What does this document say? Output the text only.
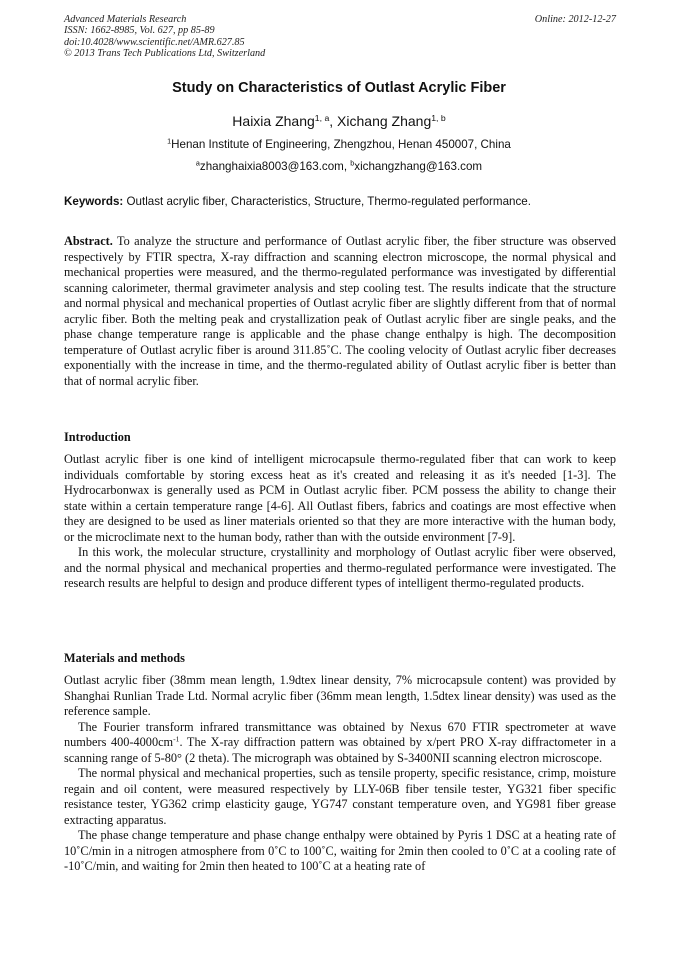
Advanced Materials Research
ISSN: 1662-8985, Vol. 627, pp 85-89
doi:10.4028/www.scientific.net/AMR.627.85
© 2013 Trans Tech Publications Ltd, Switzerland
Online: 2012-12-27
Study on Characteristics of Outlast Acrylic Fiber
Haixia Zhang$^{1, a}$, Xichang Zhang$^{1, b}$
$^1$Henan Institute of Engineering, Zhengzhou, Henan 450007, China
$^a$zhanghaixia8003@163.com, $^b$xichangzhang@163.com
Keywords: Outlast acrylic fiber, Characteristics, Structure, Thermo-regulated performance.
Abstract. To analyze the structure and performance of Outlast acrylic fiber, the fiber structure was observed respectively by FTIR spectra, X-ray diffraction and scanning electron microscope, the normal physical and mechanical properties were measured, and the thermo-regulated performance was investigated by differential scanning calorimeter, thermal gravimeter analysis and step cooling test. The results indicate that the structure and normal physical and mechanical properties of Outlast acrylic fiber are slightly different from that of normal acrylic fiber. Both the melting peak and crystallization peak of Outlast acrylic fiber are single peaks, and the phase change temperature range is applicable and the phase change enthalpy is high. The decomposition temperature of Outlast acrylic fiber is around 311.85˚C. The cooling velocity of Outlast acrylic fiber decreases exponentially with the increase in time, and the thermo-regulated ability of Outlast acrylic fiber is better than that of normal acrylic fiber.
Introduction

Outlast acrylic fiber is one kind of intelligent microcapsule thermo-regulated fiber that can work to keep individuals comfortable by storing excess heat as it's created and releasing it as it's needed [1-3]. The Hydrocarbonwax is generally used as PCM in Outlast acrylic fiber. PCM possess the ability to change their state within a certain temperature range [4-6]. All Outlast fibers, fabrics and coatings are most effective when they are designed to be used as liner materials oriented so that they are more interactive with the human body, or the microclimate next to the human body, rather than with the outside environment [7-9].

In this work, the molecular structure, crystallinity and morphology of Outlast acrylic fiber were observed, and the normal physical and mechanical properties and thermo-regulated performance were investigated. The research results are helpful to design and produce different types of intelligent thermo-regulated products.

Materials and methods

Outlast acrylic fiber (38mm mean length, 1.9dtex linear density, 7% microcapsule content) was provided by Shanghai Runlian Trade Ltd. Normal acrylic fiber (36mm mean length, 1.5dtex linear density) was used as the reference sample.

The Fourier transform infrared transmittance was obtained by Nexus 670 FTIR spectrometer at wave numbers $400-4000cm^{-1}$. The X-ray diffraction pattern was obtained by x/pert PRO X-ray diffractometer in a scanning range of 5-80° (2 theta). The micrograph was obtained by S-3400NII scanning electron microscope.

The normal physical and mechanical properties, such as tensile property, specific resistance, crimp, moisture regain and oil content, were measured respectively by LLY-06B fiber tensile tester, YG321 fiber specific resistance tester, YG362 crimp elasticity gauge, YG747 constant temperature oven, and YG981 fiber grease extracting apparatus.

The phase change temperature and phase change enthalpy were obtained by Pyris 1 DSC at a heating rate of 10˚C/min in a nitrogen atmosphere from 0˚C to 100˚C, waiting for 2min then cooled to 0˚C at a cooling rate of -10˚C/min, and waiting for 2min then heated to 100˚C at a heating rate of
